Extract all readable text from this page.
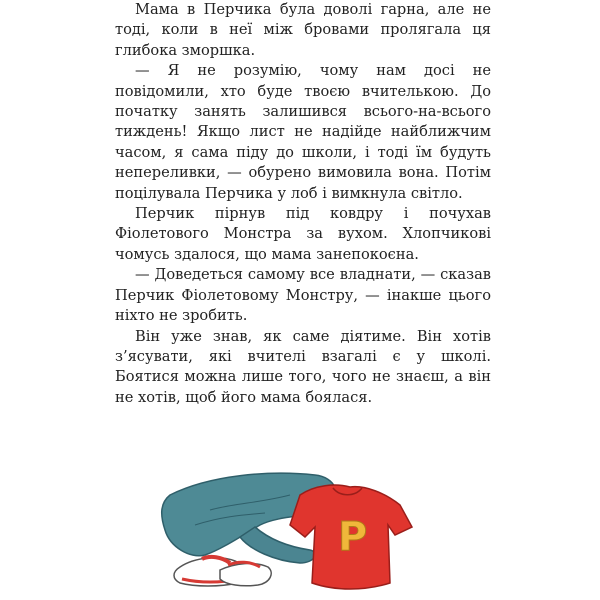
Мама в Перчика була доволі гарна, але не тоді, коли в неї між бровами пролягала ця глибока зморшка.

— Я не розумію, чому нам досі не повідомили, хто буде твоєю вчителькою. До початку занять залишився всього-на-всього тиждень! Якщо лист не надійде найближчим часом, я сама піду до школи, і тоді їм будуть непереливки, — обурено вимовила вона. Потім поцілувала Перчика у лоб і вимкнула світло.

Перчик пірнув під ковдру і почухав Фіолетового Монстра за вухом. Хлопчикові чомусь здалося, що мама занепокоєна.

— Доведеться самому все владнати, — сказав Перчик Фіолетовому Монстру, — інакше цього ніхто не зробить.

Він уже знав, як саме діятиме. Він хотів з’ясувати, які вчителі взагалі є у школі. Боятися можна лише того, чого не знаєш, а він не хотів, щоб його мама боялася.

P
